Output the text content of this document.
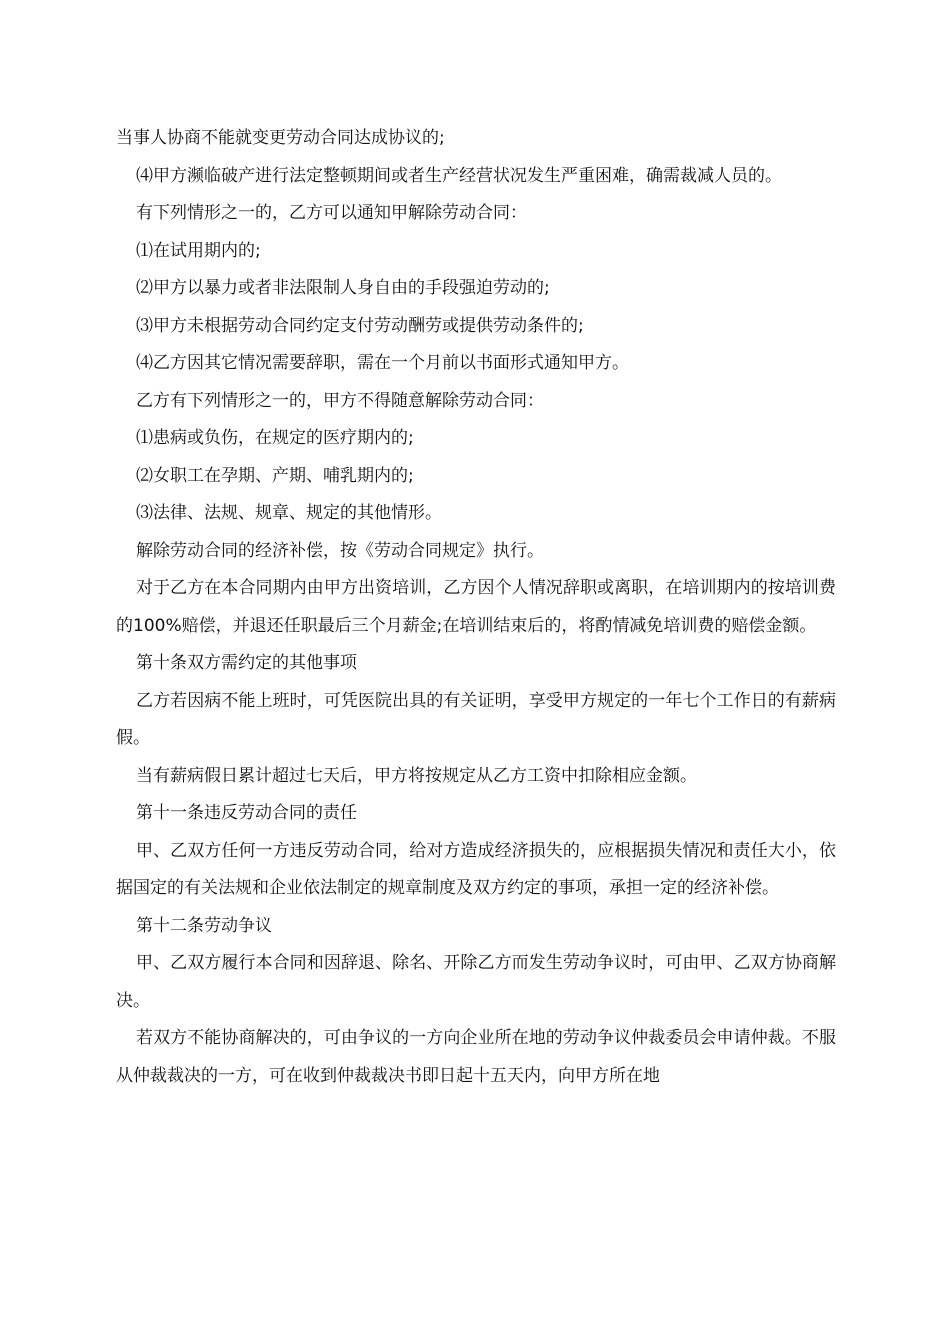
当事人协商不能就变更劳动合同达成协议的;

⑷甲方濒临破产进行法定整顿期间或者生产经营状况发生严重困难，确需裁减人员的。

有下列情形之一的，乙方可以通知甲解除劳动合同：

⑴在试用期内的;

⑵甲方以暴力或者非法限制人身自由的手段强迫劳动的;

⑶甲方未根据劳动合同约定支付劳动酬劳或提供劳动条件的;

⑷乙方因其它情况需要辞职，需在一个月前以书面形式通知甲方。

乙方有下列情形之一的，甲方不得随意解除劳动合同：

⑴患病或负伤，在规定的医疗期内的;

⑵女职工在孕期、产期、哺乳期内的;

⑶法律、法规、规章、规定的其他情形。

解除劳动合同的经济补偿，按《劳动合同规定》执行。

对于乙方在本合同期内由甲方出资培训，乙方因个人情况辞职或离职，在培训期内的按培训费的100%赔偿，并退还任职最后三个月薪金;在培训结束后的，将酌情减免培训费的赔偿金额。

第十条双方需约定的其他事项

乙方若因病不能上班时，可凭医院出具的有关证明，享受甲方规定的一年七个工作日的有薪病假。

当有薪病假日累计超过七天后，甲方将按规定从乙方工资中扣除相应金额。

第十一条违反劳动合同的责任

甲、乙双方任何一方违反劳动合同，给对方造成经济损失的，应根据损失情况和责任大小，依据国定的有关法规和企业依法制定的规章制度及双方约定的事项，承担一定的经济补偿。

第十二条劳动争议

甲、乙双方履行本合同和因辞退、除名、开除乙方而发生劳动争议时，可由甲、乙双方协商解决。

若双方不能协商解决的，可由争议的一方向企业所在地的劳动争议仲裁委员会申请仲裁。不服从仲裁裁决的一方，可在收到仲裁裁决书即日起十五天内，向甲方所在地
